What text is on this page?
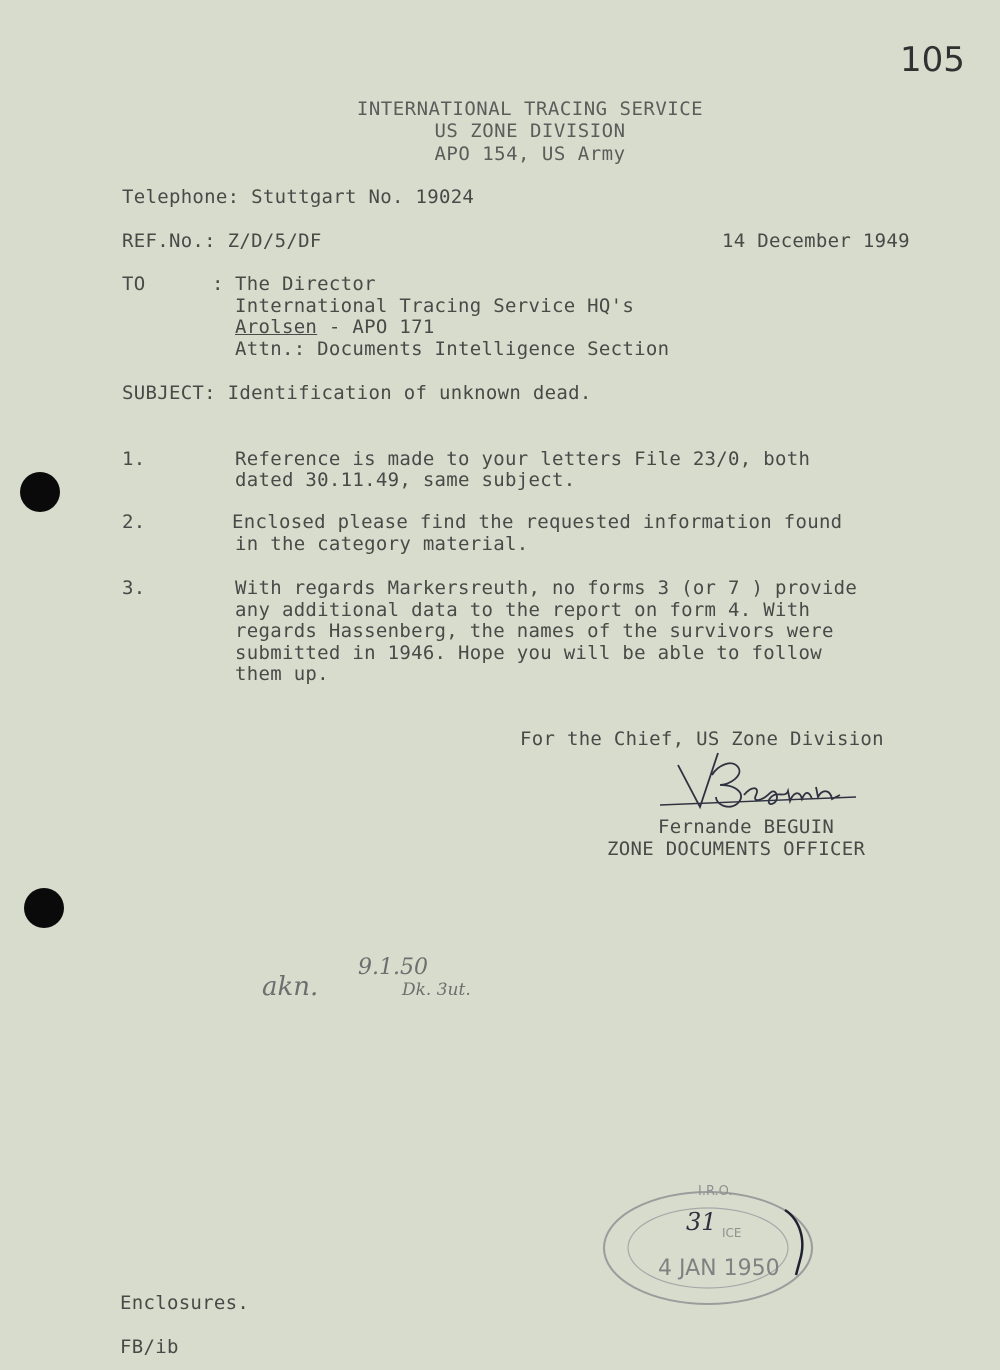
105
INTERNATIONAL TRACING SERVICE
US ZONE DIVISION
APO 154, US Army
Telephone: Stuttgart No. 19024
REF.No.: Z/D/5/DF	14 December 1949
TO	: The Director
International Tracing Service HQ's
Arolsen - APO 171
Attn.: Documents Intelligence Section
SUBJECT: Identification of unknown dead.
1.	Reference is made to your letters File 23/0, both
dated 30.11.49, same subject.
2.	Enclosed please find the requested information found
in the category material.
3.	With regards Markersreuth, no forms 3 (or 7 ) provide
any additional data to the report on form 4. With
regards Hassenberg, the names of the survivors were
submitted in 1946. Hope you will be able to follow
them up.
For the Chief, US Zone Division
Fernande BEGUIN
ZONE DOCUMENTS OFFICER
akn.
9.1.50
Dk. 3ut.
I.R.O.
31 ICE
4 JAN 1950
Enclosures.
FB/ib
